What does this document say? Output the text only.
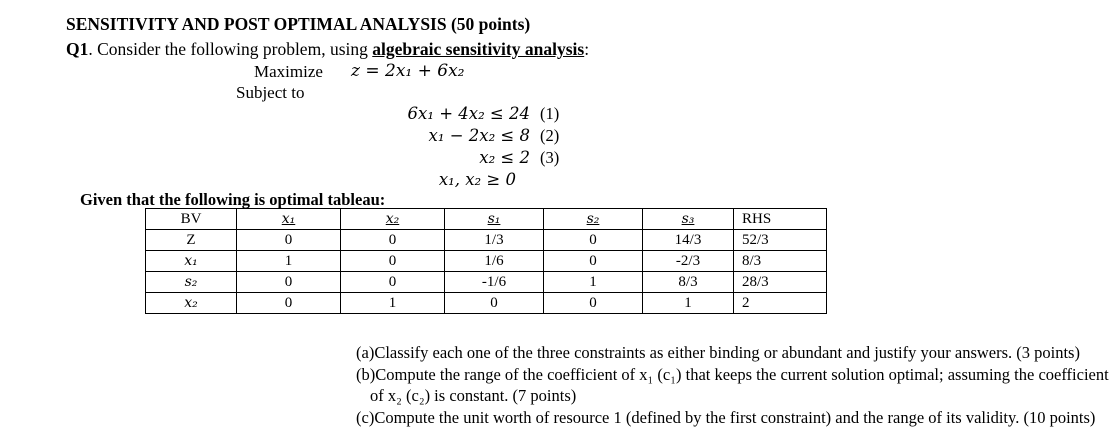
SENSITIVITY AND POST OPTIMAL ANALYSIS (50 points)
Q1. Consider the following problem, using algebraic sensitivity analysis:
Maximize z = 2x₁ + 6x₂
Subject to
6x₁ + 4x₂ ≤ 24
x₁ − 2x₂ ≤ 8
x₂ ≤ 2
x₁, x₂ ≥ 0
(1)
(2)
(3)
Given that the following is optimal tableau:
BV	x₁	x₂	s₁	s₂	s₃	RHS
Z	0	0	1/3	0	14/3	52/3
x₁	1	0	1/6	0	-2/3	8/3
s₂	0	0	-1/6	1	8/3	28/3
x₂	0	1	0	0	1	2
(a)Classify each one of the three constraints as either binding or abundant and justify your answers. (3 points)
(b)Compute the range of the coefficient of x₁ (c₁) that keeps the current solution optimal; assuming the coefficient
of x₂ (c₂) is constant. (7 points)
(c)Compute the unit worth of resource 1 (defined by the first constraint) and the range of its validity. (10 points)
